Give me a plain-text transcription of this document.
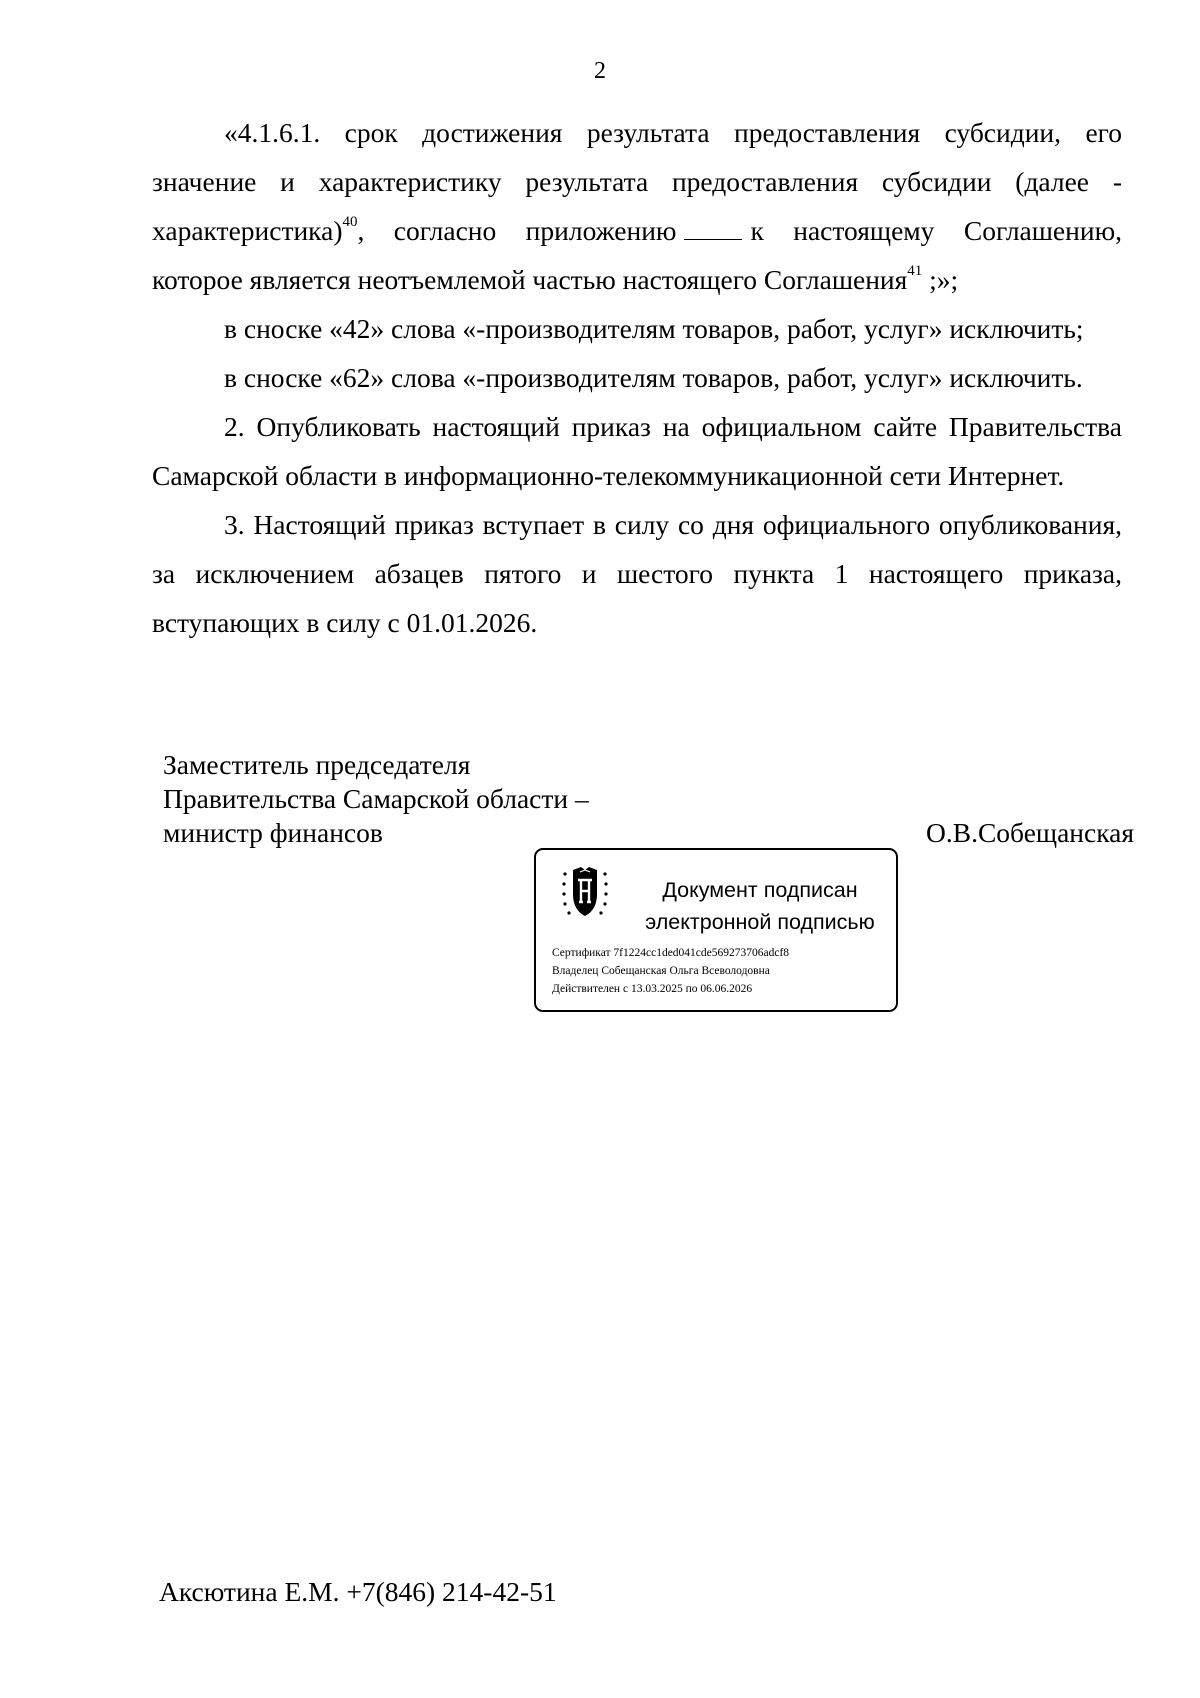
2

«4.1.6.1. срок достижения результата предоставления субсидии, его значение и характеристику результата предоставления субсидии (далее - характеристика)$^{40}$, согласно приложению	к настоящему Соглашению, которое является неотъемлемой частью настоящего Соглашения$^{41}$ ;»;

в сноске «42» слова «-производителям товаров, работ, услуг» исключить;

в сноске «62» слова «-производителям товаров, работ, услуг» исключить.

2. Опубликовать настоящий приказ на официальном сайте Правительства Самарской области в информационно-телекоммуникационной сети Интернет.

3. Настоящий приказ вступает в силу со дня официального опубликования, за исключением абзацев пятого и шестого пункта 1 настоящего приказа, вступающих в силу с 01.01.2026.

Заместитель председателя
Правительства Самарской области –
министр финансов	О.В.Собещанская
Документ подписан
электронной подписью
Сертификат 7f1224cc1ded041cde569273706adcf8
Владелец Собещанская Ольга Всеволодовна
Действителен с 13.03.2025 по 06.06.2026
Аксютина Е.М. +7(846) 214-42-51
